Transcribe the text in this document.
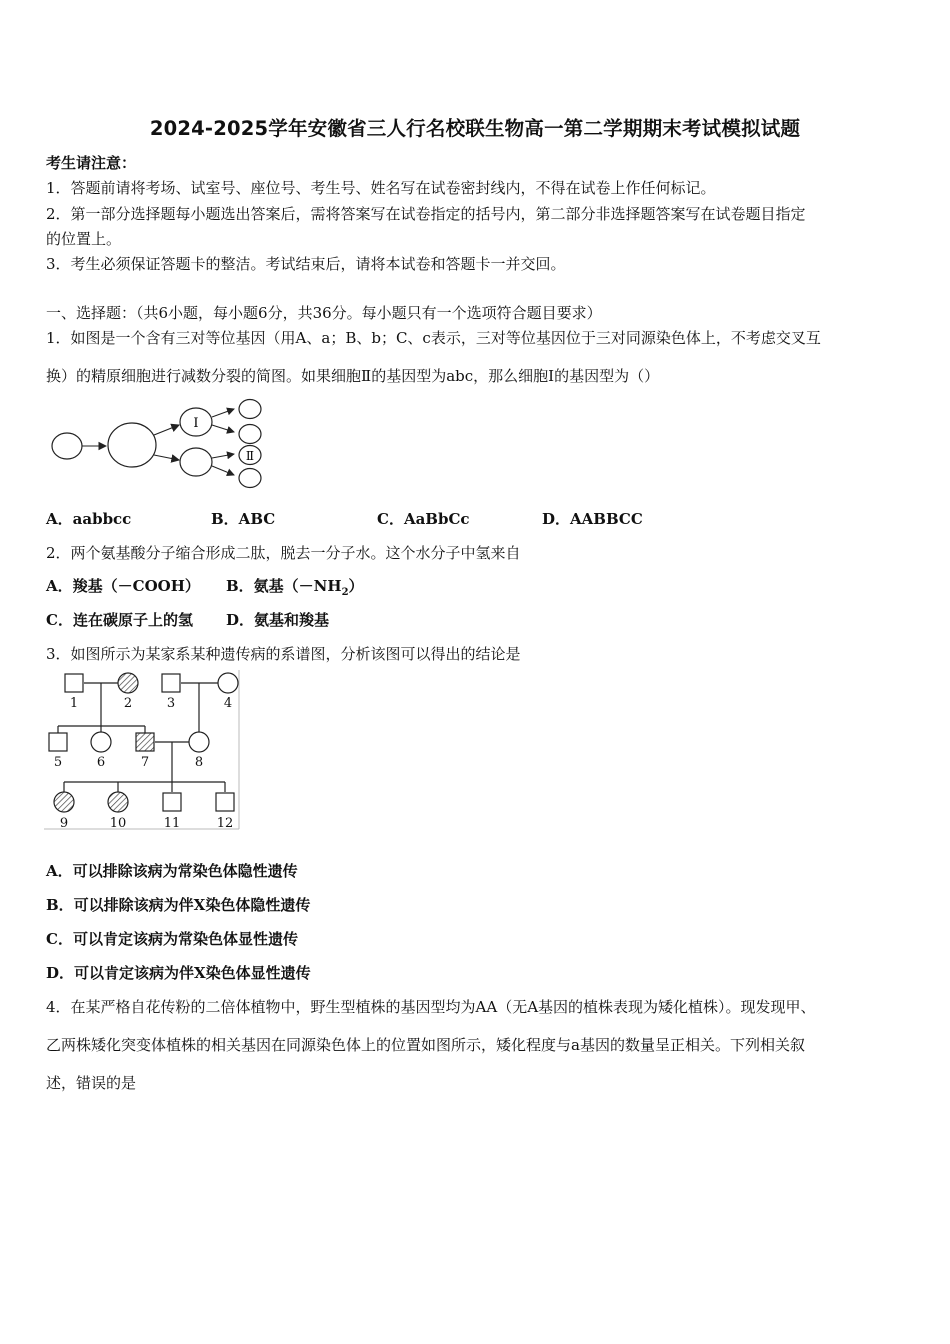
2024-2025学年安徽省三人行名校联生物高一第二学期期末考试模拟试题
考生请注意：
1．答题前请将考场、试室号、座位号、考生号、姓名写在试卷密封线内，不得在试卷上作任何标记。
2．第一部分选择题每小题选出答案后，需将答案写在试卷指定的括号内，第二部分非选择题答案写在试卷题目指定
的位置上。
3．考生必须保证答题卡的整洁。考试结束后，请将本试卷和答题卡一并交回。
一、选择题：（共6小题，每小题6分，共36分。每小题只有一个选项符合题目要求）
1．如图是一个含有三对等位基因（用A、a；B、b；C、c表示，三对等位基因位于三对同源染色体上，不考虑交叉互
换）的精原细胞进行减数分裂的简图。如果细胞Ⅱ的基因型为abc，那么细胞Ⅰ的基因型为（）
Ⅰ
Ⅱ
A．aabbcc	B．ABC	C．AaBbCc	D．AABBCC
2．两个氨基酸分子缩合形成二肽，脱去一分子水。这个水分子中氢来自
A．羧基（－COOH） B．氨基$(-NH_2)$
C．连在碳原子上的氢 D．氨基和羧基
3．如图所示为某家系某种遗传病的系谱图，分析该图可以得出的结论是
1	2	3	4
5	6	7	8
9	10	11	12
A．可以排除该病为常染色体隐性遗传
B．可以排除该病为伴X染色体隐性遗传
C．可以肯定该病为常染色体显性遗传
D．可以肯定该病为伴X染色体显性遗传
4．在某严格自花传粉的二倍体植物中，野生型植株的基因型均为AA（无A基因的植株表现为矮化植株）。现发现甲、
乙两株矮化突变体植株的相关基因在同源染色体上的位置如图所示，矮化程度与a基因的数量呈正相关。下列相关叙
述，错误的是
